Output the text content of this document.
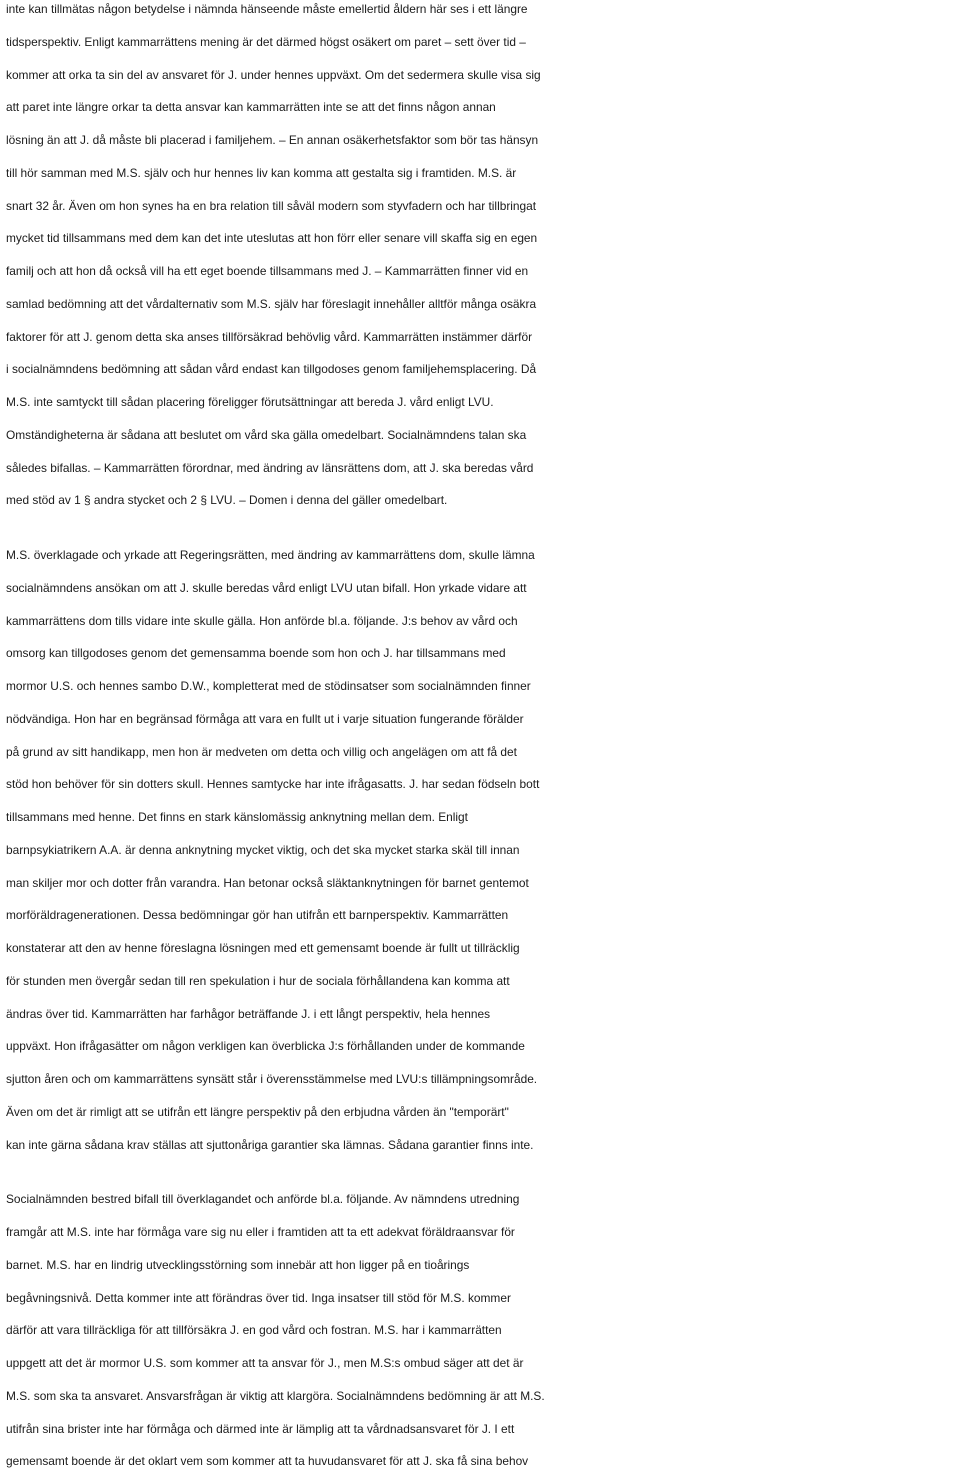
inte kan tillmätas någon betydelse i nämnda hänseende måste emellertid åldern här ses i ett längre
tidsperspektiv. Enligt kammarrättens mening är det därmed högst osäkert om paret – sett över tid –
kommer att orka ta sin del av ansvaret för J. under hennes uppväxt. Om det sedermera skulle visa sig
att paret inte längre orkar ta detta ansvar kan kammarrätten inte se att det finns någon annan
lösning än att J. då måste bli placerad i familjehem. – En annan osäkerhetsfaktor som bör tas hänsyn
till hör samman med M.S. själv och hur hennes liv kan komma att gestalta sig i framtiden. M.S. är
snart 32 år. Även om hon synes ha en bra relation till såväl modern som styvfadern och har tillbringat
mycket tid tillsammans med dem kan det inte uteslutas att hon förr eller senare vill skaffa sig en egen
familj och att hon då också vill ha ett eget boende tillsammans med J. – Kammarrätten finner vid en
samlad bedömning att det vårdalternativ som M.S. själv har föreslagit innehåller alltför många osäkra
faktorer för att J. genom detta ska anses tillförsäkrad behövlig vård. Kammarrätten instämmer därför
i socialnämndens bedömning att sådan vård endast kan tillgodoses genom familjehemsplacering. Då
M.S. inte samtyckt till sådan placering föreligger förutsättningar att bereda J. vård enligt LVU.
Omständigheterna är sådana att beslutet om vård ska gälla omedelbart. Socialnämndens talan ska
således bifallas. – Kammarrätten förordnar, med ändring av länsrättens dom, att J. ska beredas vård
med stöd av 1 § andra stycket och 2 § LVU. – Domen i denna del gäller omedelbart.
M.S. överklagade och yrkade att Regeringsrätten, med ändring av kammarrättens dom, skulle lämna
socialnämndens ansökan om att J. skulle beredas vård enligt LVU utan bifall. Hon yrkade vidare att
kammarrättens dom tills vidare inte skulle gälla. Hon anförde bl.a. följande. J:s behov av vård och
omsorg kan tillgodoses genom det gemensamma boende som hon och J. har tillsammans med
mormor U.S. och hennes sambo D.W., kompletterat med de stödinsatser som socialnämnden finner
nödvändiga. Hon har en begränsad förmåga att vara en fullt ut i varje situation fungerande förälder
på grund av sitt handikapp, men hon är medveten om detta och villig och angelägen om att få det
stöd hon behöver för sin dotters skull. Hennes samtycke har inte ifrågasatts. J. har sedan födseln bott
tillsammans med henne. Det finns en stark känslomässig anknytning mellan dem. Enligt
barnpsykiatrikern A.A. är denna anknytning mycket viktig, och det ska mycket starka skäl till innan
man skiljer mor och dotter från varandra. Han betonar också släktanknytningen för barnet gentemot
morföräldragenerationen. Dessa bedömningar gör han utifrån ett barnperspektiv. Kammarrätten
konstaterar att den av henne föreslagna lösningen med ett gemensamt boende är fullt ut tillräcklig
för stunden men övergår sedan till ren spekulation i hur de sociala förhållandena kan komma att
ändras över tid. Kammarrätten har farhågor beträffande J. i ett långt perspektiv, hela hennes
uppväxt. Hon ifrågasätter om någon verkligen kan överblicka J:s förhållanden under de kommande
sjutton åren och om kammarrättens synsätt står i överensstämmelse med LVU:s tillämpningsområde.
Även om det är rimligt att se utifrån ett längre perspektiv på den erbjudna vården än "temporärt"
kan inte gärna sådana krav ställas att sjuttonåriga garantier ska lämnas. Sådana garantier finns inte.
Socialnämnden bestred bifall till överklagandet och anförde bl.a. följande. Av nämndens utredning
framgår att M.S. inte har förmåga vare sig nu eller i framtiden att ta ett adekvat föräldraansvar för
barnet. M.S. har en lindrig utvecklingsstörning som innebär att hon ligger på en tioårings
begåvningsnivå. Detta kommer inte att förändras över tid. Inga insatser till stöd för M.S. kommer
därför att vara tillräckliga för att tillförsäkra J. en god vård och fostran. M.S. har i kammarrätten
uppgett att det är mormor U.S. som kommer att ta ansvar för J., men M.S:s ombud säger att det är
M.S. som ska ta ansvaret. Ansvarsfrågan är viktig att klargöra. Socialnämndens bedömning är att M.S.
utifrån sina brister inte har förmåga och därmed inte är lämplig att ta vårdnadsansvaret för J. I ett
gemensamt boende är det oklart vem som kommer att ta huvudansvaret för att J. ska få sina behov
